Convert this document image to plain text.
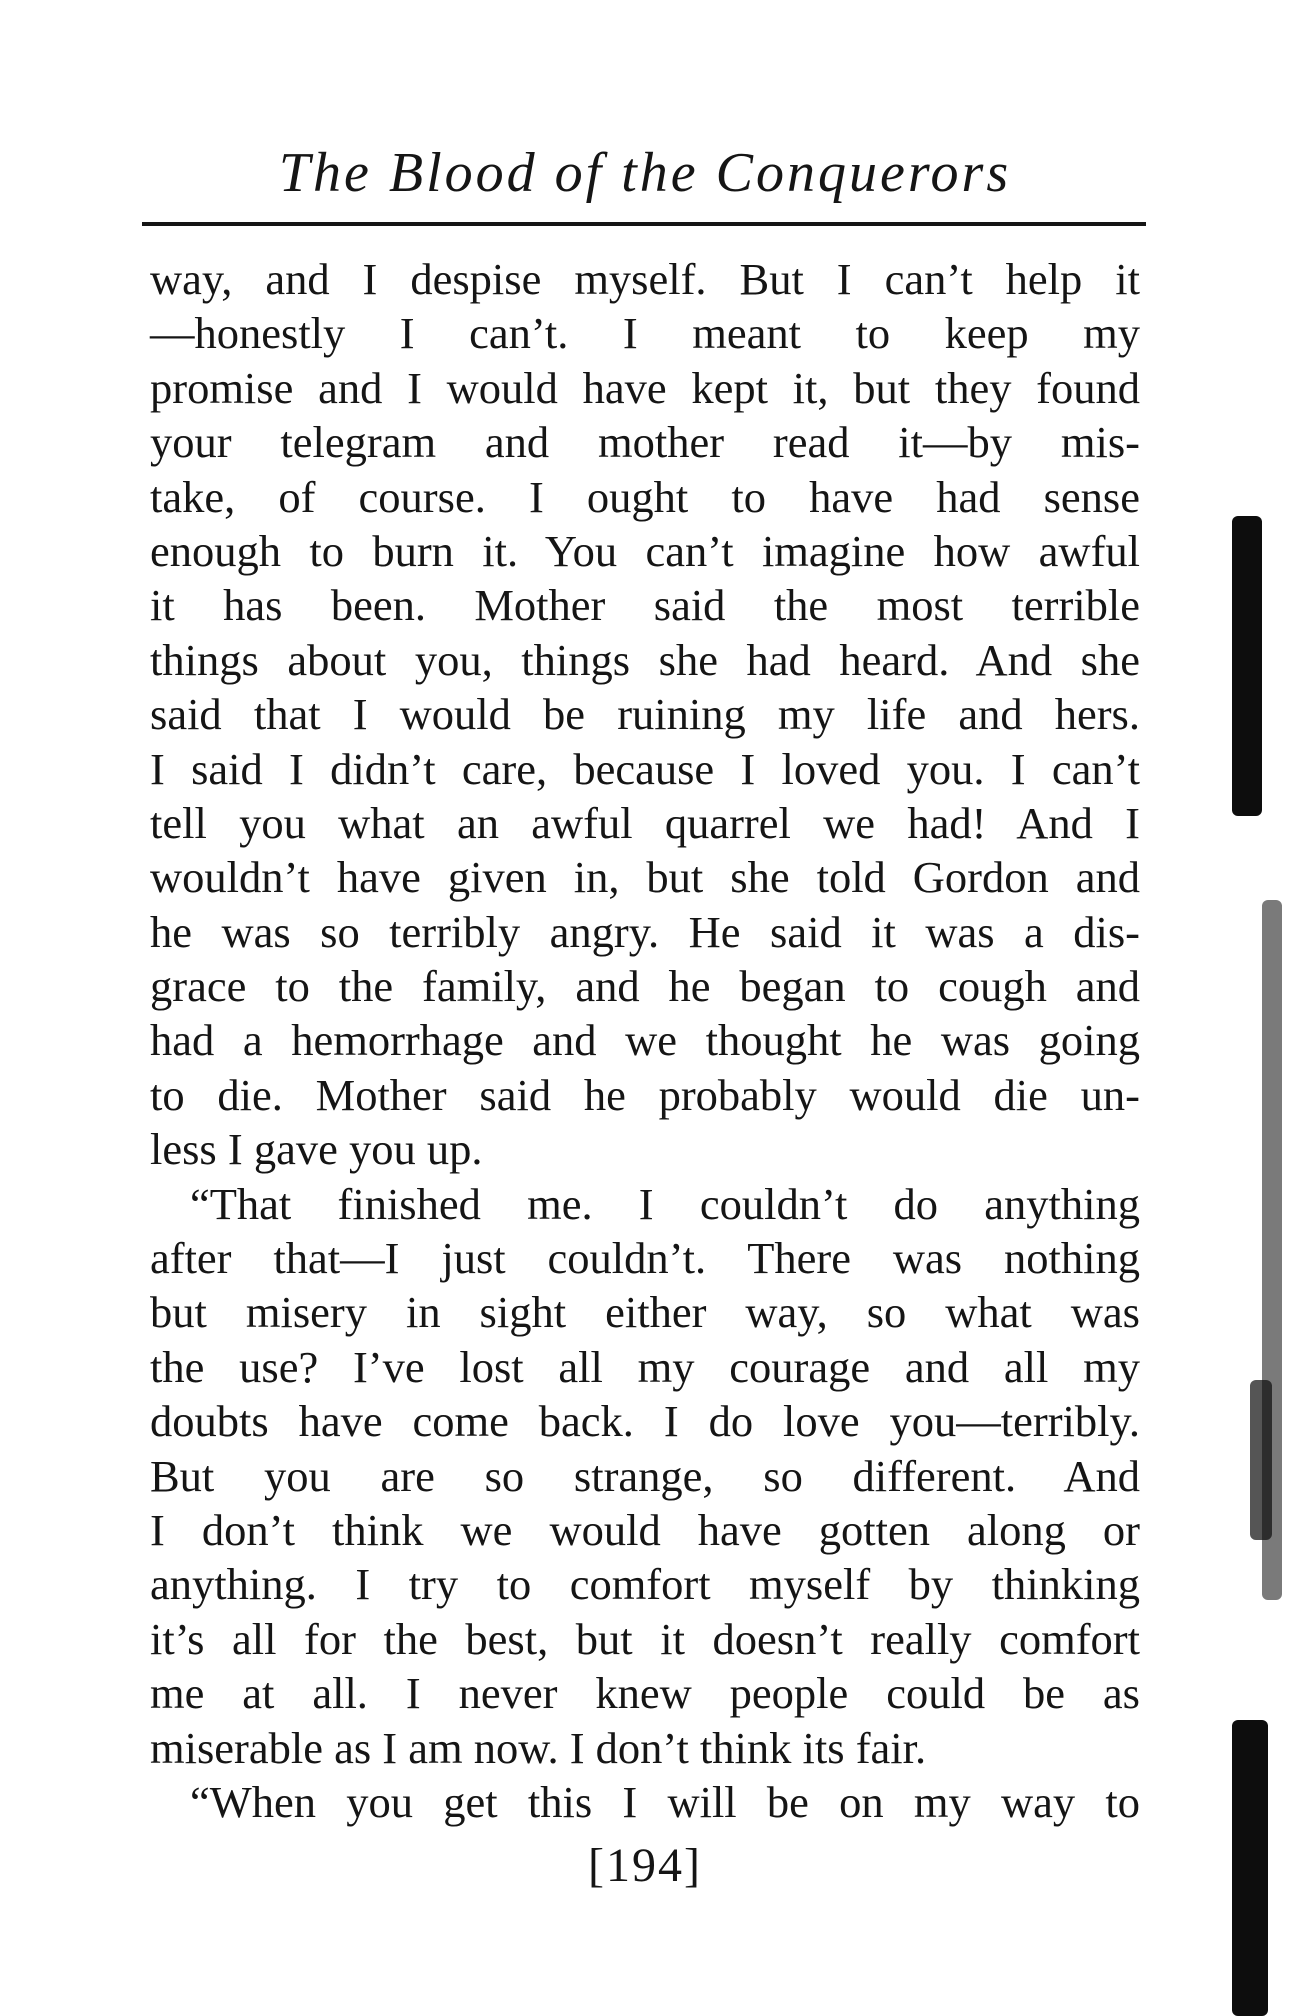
The Blood of the Conquerors
way, and I despise myself. But I can’t help it
—honestly I can’t. I meant to keep my
promise and I would have kept it, but they found
your telegram and mother read it—by mis-
take, of course. I ought to have had sense
enough to burn it. You can’t imagine how awful
it has been. Mother said the most terrible
things about you, things she had heard. And she
said that I would be ruining my life and hers.
I said I didn’t care, because I loved you. I can’t
tell you what an awful quarrel we had! And I
wouldn’t have given in, but she told Gordon and
he was so terribly angry. He said it was a dis-
grace to the family, and he began to cough and
had a hemorrhage and we thought he was going
to die. Mother said he probably would die un-
less I gave you up.
“That finished me. I couldn’t do anything
after that—I just couldn’t. There was nothing
but misery in sight either way, so what was
the use? I’ve lost all my courage and all my
doubts have come back. I do love you—terribly.
But you are so strange, so different. And
I don’t think we would have gotten along or
anything. I try to comfort myself by thinking
it’s all for the best, but it doesn’t really comfort
me at all. I never knew people could be as
miserable as I am now. I don’t think its fair.
“When you get this I will be on my way to
[194]
